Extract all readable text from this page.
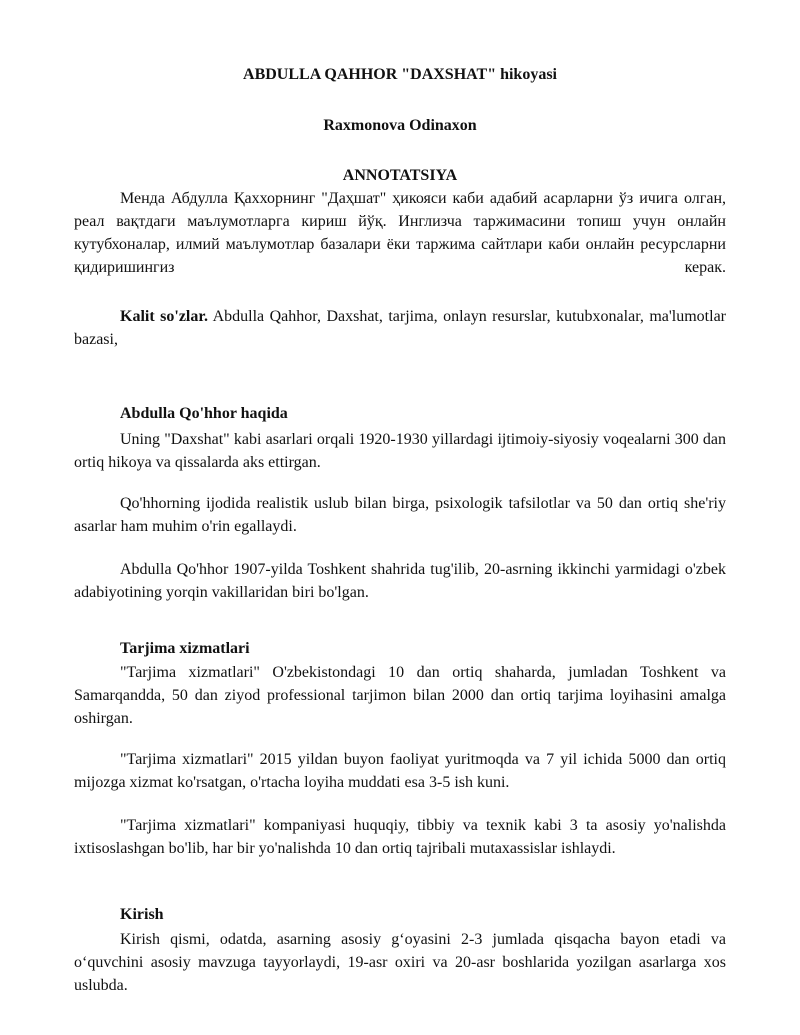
ABDULLA QAHHOR "DAXSHAT" hikoyasi
Raxmonova Odinaxon
ANNOTATSIYA

Менда Абдулла Қаххорнинг "Даҳшат" ҳикояси каби адабий асарларни ўз ичига олган, реал вақтдаги маълумотларга кириш йўқ. Инглизча таржимасини топиш учун онлайн кутубхоналар, илмий маълумотлар базалари ёки таржима сайтлари каби онлайн ресурсларни қидиришингиз керак.

Kalit so'zlar. Abdulla Qahhor, Daxshat, tarjima, onlayn resurslar, kutubxonalar, ma'lumotlar bazasi,

Abdulla Qo'hhor haqida

Uning "Daxshat" kabi asarlari orqali 1920-1930 yillardagi ijtimoiy-siyosiy voqealarni 300 dan ortiq hikoya va qissalarda aks ettirgan.

Qo'hhorning ijodida realistik uslub bilan birga, psixologik tafsilotlar va 50 dan ortiq she'riy asarlar ham muhim o'rin egallaydi.

Abdulla Qo'hhor 1907-yilda Toshkent shahrida tug'ilib, 20-asrning ikkinchi yarmidagi o'zbek adabiyotining yorqin vakillaridan biri bo'lgan.

Tarjima xizmatlari

"Tarjima xizmatlari" O'zbekistondagi 10 dan ortiq shaharda, jumladan Toshkent va Samarqandda, 50 dan ziyod professional tarjimon bilan 2000 dan ortiq tarjima loyihasini amalga oshirgan.

"Tarjima xizmatlari" 2015 yildan buyon faoliyat yuritmoqda va 7 yil ichida 5000 dan ortiq mijozga xizmat ko'rsatgan, o'rtacha loyiha muddati esa 3-5 ish kuni.

"Tarjima xizmatlari" kompaniyasi huquqiy, tibbiy va texnik kabi 3 ta asosiy yo'nalishda ixtisoslashgan bo'lib, har bir yo'nalishda 10 dan ortiq tajribali mutaxassislar ishlaydi.

Kirish

Kirish qismi, odatda, asarning asosiy g‘oyasini 2-3 jumlada qisqacha bayon etadi va o‘quvchini asosiy mavzuga tayyorlaydi, 19-asr oxiri va 20-asr boshlarida yozilgan asarlarga xos uslubda.
